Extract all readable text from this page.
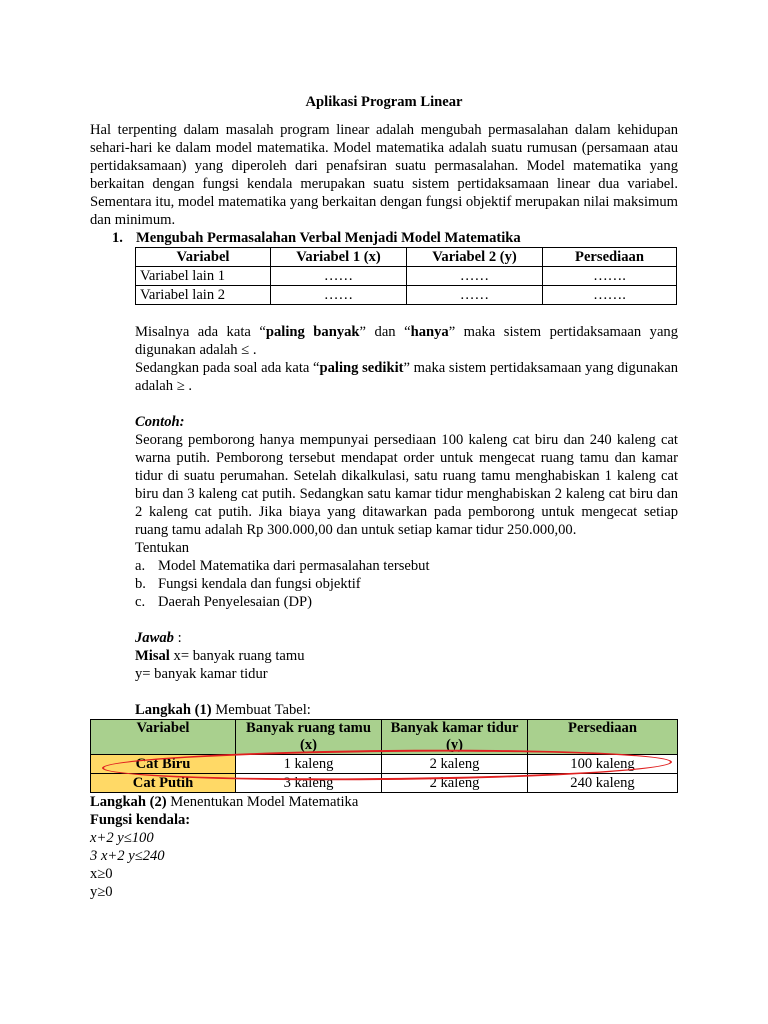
Aplikasi Program Linear

Hal terpenting dalam masalah program linear adalah mengubah permasalahan dalam kehidupan sehari-hari ke dalam model matematika. Model matematika adalah suatu rumusan (persamaan atau pertidaksamaan) yang diperoleh dari penafsiran suatu permasalahan. Model matematika yang berkaitan dengan fungsi kendala merupakan suatu sistem pertidaksamaan linear dua variabel. Sementara itu, model matematika yang berkaitan dengan fungsi objektif merupakan nilai maksimum dan minimum.

1. Mengubah Permasalahan Verbal Menjadi Model Matematika
Variabel	Variabel 1 (x)	Variabel 2 (y)	Persediaan
Variabel lain 1	……	……	…….
Variabel lain 2	……	……	…….

Misalnya ada kata “paling banyak” dan “hanya” maka sistem pertidaksamaan yang digunakan adalah ≤ .

Sedangkan pada soal ada kata “paling sedikit” maka sistem pertidaksamaan yang digunakan adalah ≥ .

Contoh:

Seorang pemborong hanya mempunyai persediaan 100 kaleng cat biru dan 240 kaleng cat warna putih. Pemborong tersebut mendapat order untuk mengecat ruang tamu dan kamar tidur di suatu perumahan. Setelah dikalkulasi, satu ruang tamu menghabiskan 1 kaleng cat biru dan 3 kaleng cat putih. Sedangkan satu kamar tidur menghabiskan 2 kaleng cat biru dan 2 kaleng cat putih. Jika biaya yang ditawarkan pada pemborong untuk mengecat setiap ruang tamu adalah Rp 300.000,00 dan untuk setiap kamar tidur 250.000,00.

Tentukan

a. Model Matematika dari permasalahan tersebut
b. Fungsi kendala dan fungsi objektif
c. Daerah Penyelesaian (DP)

Jawab :

Misal x= banyak ruang tamu

y= banyak kamar tidur

Langkah (1) Membuat Tabel:

Variabel	Banyak ruang tamu (x)	Banyak kamar tidur (y)	Persediaan
Cat Biru	1 kaleng	2 kaleng	100 kaleng
Cat Putih	3 kaleng	2 kaleng	240 kaleng

Langkah (2) Menentukan Model Matematika

Fungsi kendala:

x+2 y≤100

3 x+2 y≤240

x≥0

y≥0
